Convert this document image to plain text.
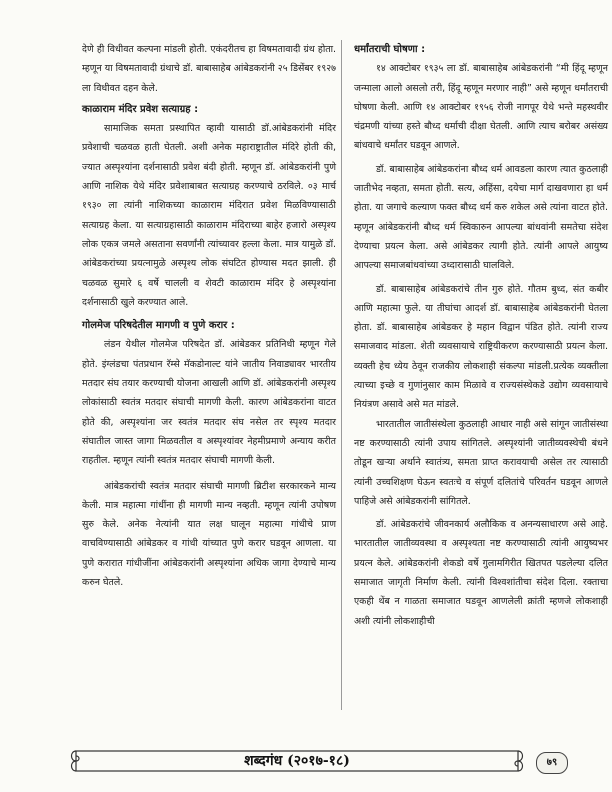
देणे ही विधीवत कल्पना मांडली होती. एकंदरीतच हा विषमतावादी ग्रंथ होता. म्हणून या विषमतावादी ग्रंथाचे डॉ. बाबासाहेब आंबेडकरांनी २५ डिसेंबर १९२७ ला विधीवत दहन केले.

काळाराम मंदिर प्रवेश सत्याग्रह :

सामाजिक समता प्रस्थापित व्हावी यासाठी डॉ.आंबेडकरांनी मंदिर प्रवेशाची चळवळ हाती घेतली. अशी अनेक महाराष्ट्रातील मंदिरे होती की, ज्यात अस्पृश्यांना दर्शनासाठी प्रवेश बंदी होती. म्हणून डॉ. आंबेडकरांनी पुणे आणि नाशिक येथे मंदिर प्रवेशाबाबत सत्याग्रह करण्याचे ठरविले. ०३ मार्च १९३० ला त्यांनी नाशिकच्या काळाराम मंदिरात प्रवेश मिळविण्यासाठी सत्याग्रह केला. या सत्याग्रहासाठी काळाराम मंदिराच्या बाहेर हजारो अस्पृश्य लोक एकत्र जमले असताना सवर्णांनी त्यांच्यावर हल्ला केला. मात्र यामुळे डॉ. आंबेडकरांच्या प्रयत्नामुळे अस्पृश्य लोक संघटित होण्यास मदत झाली. ही चळवळ सुमारे ६ वर्षे चालली व शेवटी काळाराम मंदिर हे अस्पृश्यांना दर्शनासाठी खुले करण्यात आले.

गोलमेज परिषदेतील मागणी व पुणे करार :

लंडन येथील गोलमेज परिषदेत डॉ. आंबेडकर प्रतिनिधी म्हणून गेले होते. इंग्लंडचा पंतप्रधान रॅम्से मॅकडोनाल्ट यांने जातीय निवाड्यावर भारतीय मतदार संघ तयार करण्याची योजना आखली आणि डॉ. आंबेडकरांनी अस्पृश्य लोकांसाठी स्वतंत्र मतदार संघाची मागणी केली. कारण आंबेडकरांना वाटत होते की, अस्पृश्यांना जर स्वतंत्र मतदार संघ नसेल तर स्पृश्य मतदार संघातील जास्त जागा मिळवतील व अस्पृश्यांवर नेहमीप्रमाणे अन्याय करीत राहतील. म्हणून त्यांनी स्वतंत्र मतदार संघाची मागणी केली.

आंबेडकरांची स्वतंत्र मतदार संघाची मागणी ब्रिटीश सरकारकने मान्य केली. मात्र महात्मा गांधींना ही मागणी मान्य नव्हती. म्हणून त्यांनी उपोषण सुरु केले. अनेक नेत्यांनी यात लक्ष घालून महात्मा गांधीचे प्राण वाचविण्यासाठी आंबेडकर व गांधी यांच्यात पुणे करार घडवून आणला. या पुणे करारात गांधीजींना आंबेडकरांनी अस्पृश्यांना अधिक जागा देण्याचे मान्य करुन घेतले.

धर्मांतराची घोषणा :

१४ आक्टोबर १९३५ ला डॉ. बाबासाहेब आंबेडकरांनी “मी हिंदू म्हणून जन्माला आलो असलो तरी, हिंदू म्हणून मरणार नाही” असे म्हणून धर्मांतराची घोषणा केली. आणि १४ आक्टोबर १९५६ रोजी नागपूर येथे भन्ते महस्थवीर चंद्रमणी यांच्या हस्ते बौध्द धर्माची दीक्षा घेतली. आणि त्याच बरोबर असंख्य बांधवाचे धर्मांतर घडवून आणले.

डॉ. बाबासाहेब आंबेडकरांना बौध्द धर्म आवडला कारण त्यात कुठलाही जातीभेद नव्हता, समता होती. सत्य, अहिंसा, दयेचा मार्ग दाखवणारा हा धर्म होता. या जगाचे कल्याण फक्त बौध्द धर्म करु शकेल असे त्यांना वाटत होते. म्हणून आंबेडकरांनी बौध्द धर्म स्विकारुन आपल्या बांधवांनी समतेचा संदेश देण्याचा प्रयत्न केला. असे आंबेडकर त्यागी होते. त्यांनी आपले आयुष्य आपल्या समाजबांधवांच्या उध्दारासाठी घालविले.

डॉ. बाबासाहेब आंबेडकरांचे तीन गुरु होते. गौतम बुध्द, संत कबीर आणि महात्मा फुले. या तीघांचा आदर्श डॉ. बाबासाहेब आंबेडकरांनी घेतला होता. डॉ. बाबासाहेब आंबेडकर हे महान विद्वान पंडित होते. त्यांनी राज्य समाजवाद मांडला. शेती व्यवसायाचे राष्ट्रियीकरण करण्यासाठी प्रयत्न केला. व्यक्ती हेच ध्येय ठेवून राजकीय लोकशाही संकल्पा मांडली.प्रत्येक व्यक्तीला त्याच्या इच्छे व गुणांनुसार काम मिळावे व राज्यसंस्थेकडे उद्योग व्यवसायाचे नियंत्रण असावे असे मत मांडले.

भारतातील जातीसंस्थेला कुठलाही आधार नाही असे सांगून जातीसंस्था नष्ट करण्यासाठी त्यांनी उपाय सांगितले. अस्पृश्यांनी जातीव्यवस्थेची बंधने तोडून खऱ्या अर्थाने स्वातंत्र्य, समता प्राप्त करावयाची असेल तर त्यासाठी त्यांनी उच्चशिक्षण घेऊन स्वतःचे व संपूर्ण दलितांचे परिवर्तन घडवून आणले पाहिजे असे आंबेडकरांनी सांगितले.

डॉ. आंबेडकरांचे जीवनकार्य अलौकिक व अनन्यसाधारण असे आहे. भारतातील जातीव्यवस्था व अस्पृश्यता नष्ट करण्यासाठी त्यांनी आयुष्यभर प्रयत्न केले. आंबेडकरांनी शेकडो वर्षे गुलामगिरीत खितपत पडलेल्या दलित समाजात जागृती निर्माण केली. त्यांनी विश्वशांतीचा संदेश दिला. रक्ताचा एकही थेंब न गाळता समाजात घडवून आणलेली क्रांती म्हणजे लोकशाही अशी त्यांनी लोकशाहीची

शब्दगंध (२०१७-१८)	७९
